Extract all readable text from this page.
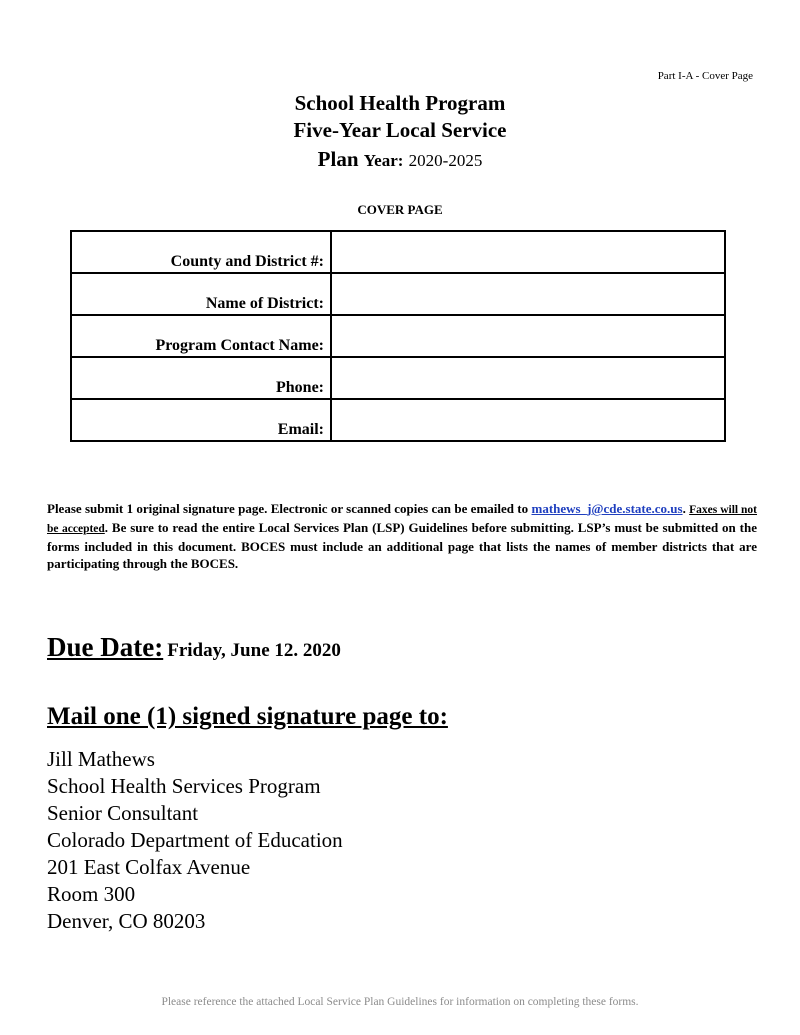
Part I-A - Cover Page
School Health Program
Five-Year Local Service
Plan Year: 2020-2025
COVER PAGE
County and District #:	
Name of District:	
Program Contact Name:	
Phone:	
Email:	
Please submit 1 original signature page. Electronic or scanned copies can be emailed to mathews_j@cde.state.co.us. Faxes will not be accepted. Be sure to read the entire Local Services Plan (LSP) Guidelines before submitting. LSP’s must be submitted on the forms included in this document. BOCES must include an additional page that lists the names of member districts that are participating through the BOCES.
Due Date: Friday, June 12. 2020
Mail one (1) signed signature page to:
Jill Mathews
School Health Services Program
Senior Consultant
Colorado Department of Education
201 East Colfax Avenue
Room 300
Denver, CO 80203
Please reference the attached Local Service Plan Guidelines for information on completing these forms.
